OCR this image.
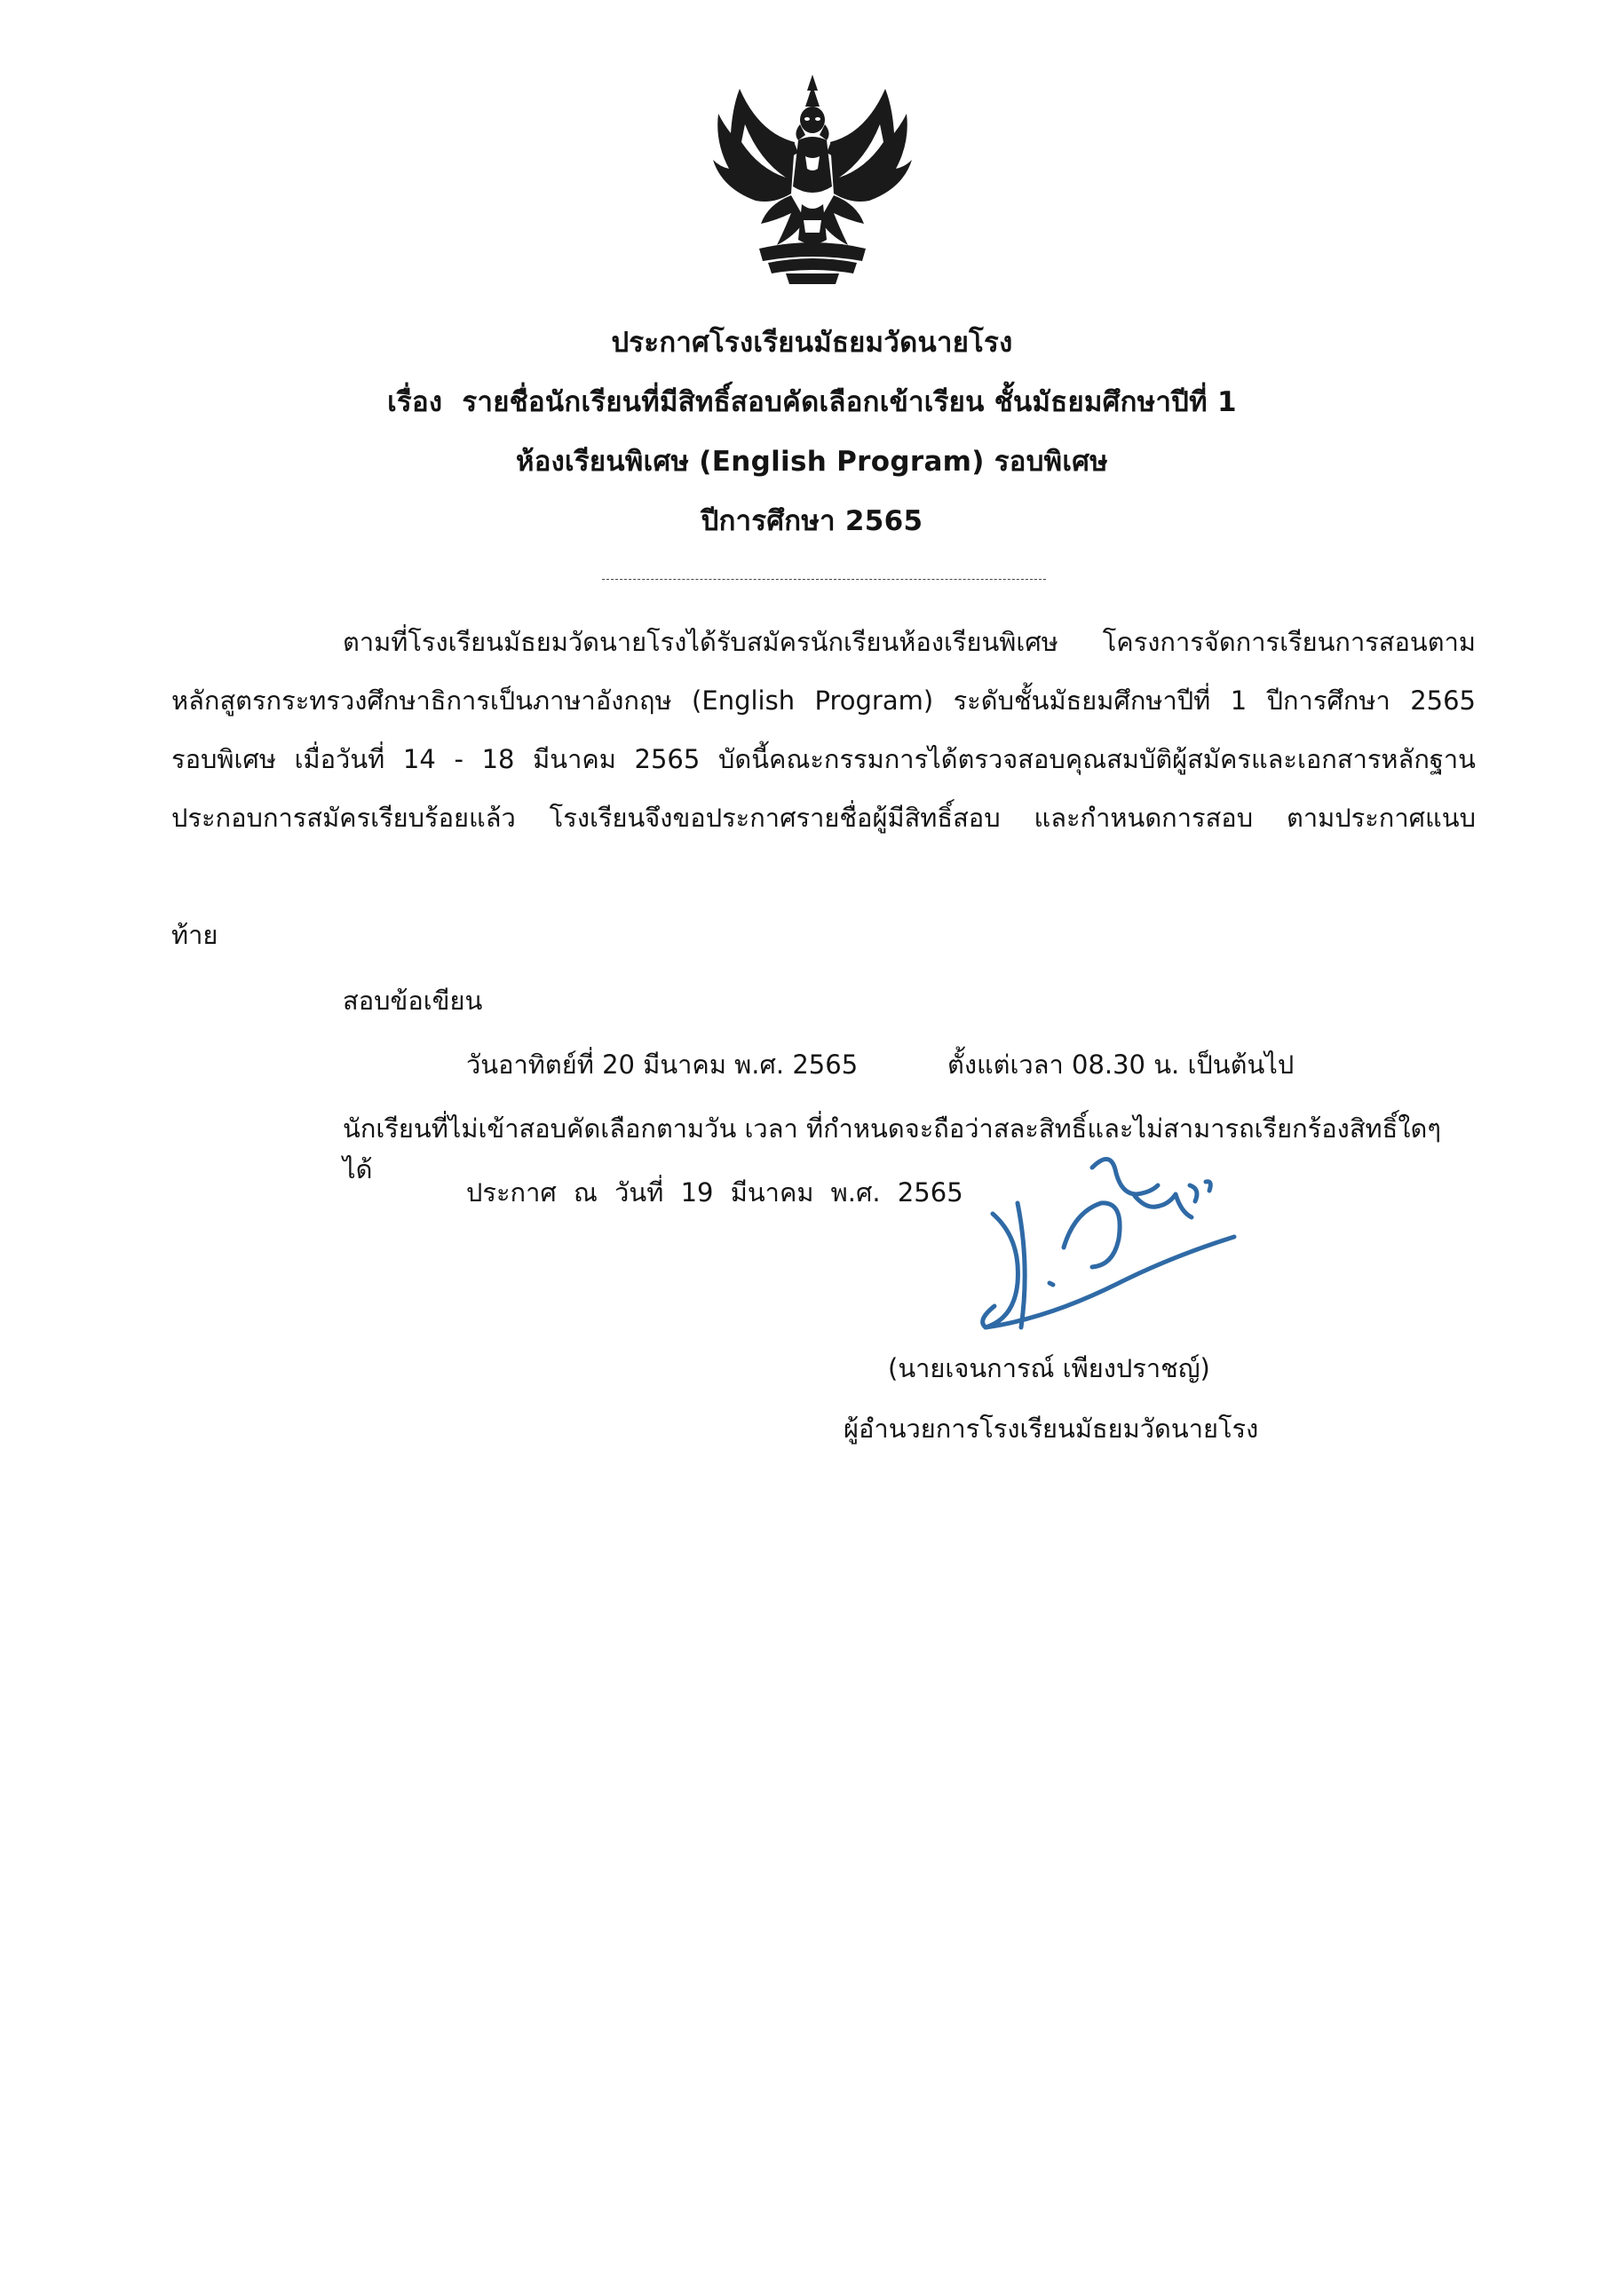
ประกาศโรงเรียนมัธยมวัดนายโรง
เรื่อง รายชื่อนักเรียนที่มีสิทธิ์สอบคัดเลือกเข้าเรียน ชั้นมัธยมศึกษาปีที่ 1
ห้องเรียนพิเศษ (English Program) รอบพิเศษ
ปีการศึกษา 2565
ตามที่โรงเรียนมัธยมวัดนายโรงได้รับสมัครนักเรียนห้องเรียนพิเศษ โครงการจัดการเรียนการสอนตาม
หลักสูตรกระทรวงศึกษาธิการเป็นภาษาอังกฤษ (English Program) ระดับชั้นมัธยมศึกษาปีที่ 1 ปีการศึกษา 2565
รอบพิเศษ เมื่อวันที่ 14 - 18 มีนาคม 2565 บัดนี้คณะกรรมการได้ตรวจสอบคุณสมบัติผู้สมัครและเอกสารหลักฐาน
ประกอบการสมัครเรียบร้อยแล้ว โรงเรียนจึงขอประกาศรายชื่อผู้มีสิทธิ์สอบ และกำหนดการสอบ ตามประกาศแนบ
ท้าย
สอบข้อเขียน
วันอาทิตย์ที่ 20 มีนาคม พ.ศ. 2565	ตั้งแต่เวลา 08.30 น. เป็นต้นไป
นักเรียนที่ไม่เข้าสอบคัดเลือกตามวัน เวลา ที่กำหนดจะถือว่าสละสิทธิ์และไม่สามารถเรียกร้องสิทธิ์ใดๆ ได้
ประกาศ ณ วันที่ 19 มีนาคม พ.ศ. 2565
(นายเจนการณ์ เพียงปราชญ์)
ผู้อำนวยการโรงเรียนมัธยมวัดนายโรง
